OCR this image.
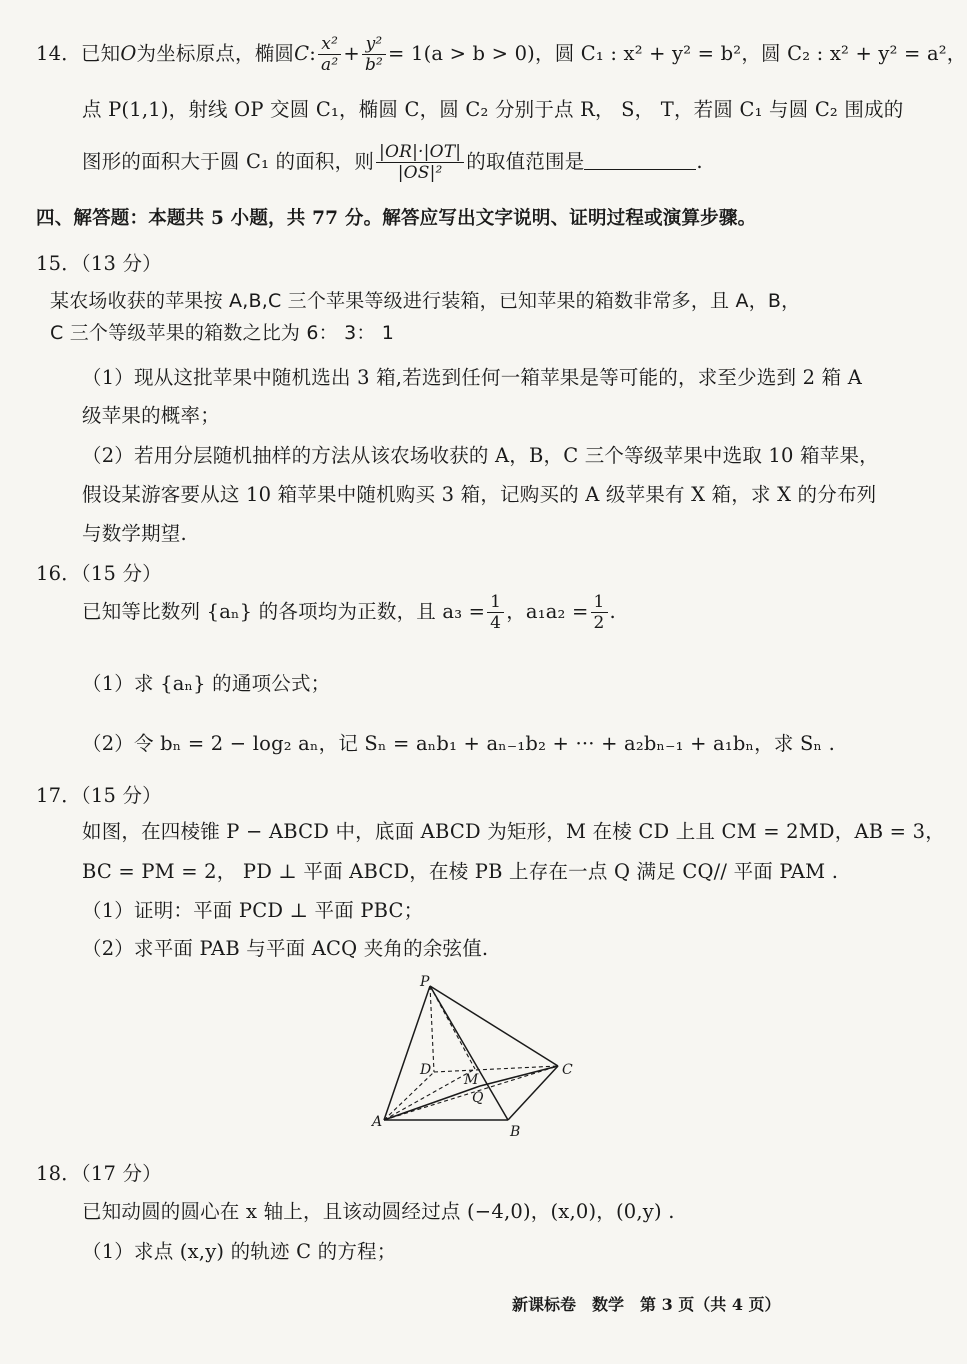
14．已知O为坐标原点，椭圆C: $\frac{\text{x²}}{\text{a²}} + \frac{\text{y²}}{\text{b²}} = 1(a > b > 0)$，圆 C₁ : x² + y² = b²，圆 C₂ : x² + y² = a²，
点 P(1,1)，射线 OP 交圆 C₁，椭圆 C，圆 C₂ 分别于点 R， S， T，若圆 C₁ 与圆 C₂ 围成的
图形的面积大于圆 C₁ 的面积，则 $\frac{|OR|\cdot|OT|}{\text{|OS|²}}$ 的取值范围是	.
四、解答题：本题共 5 小题，共 77 分。解答应写出文字说明、证明过程或演算步骤。
15．（13 分）
某农场收获的苹果按 A,B,C 三个苹果等级进行装箱，已知苹果的箱数非常多，且 A，B，
C 三个等级苹果的箱数之比为 6： 3： 1
（1）现从这批苹果中随机选出 3 箱,若选到任何一箱苹果是等可能的，求至少选到 2 箱 A
级苹果的概率；
（2）若用分层随机抽样的方法从该农场收获的 A，B，C 三个等级苹果中选取 10 箱苹果，
假设某游客要从这 10 箱苹果中随机购买 3 箱，记购买的 A 级苹果有 X 箱，求 X 的分布列
与数学期望.
16．（15 分）
已知等比数列 {aₙ} 的各项均为正数，且 $a_3 = \frac{1}{4}$ ，$a_1a_2 = \frac{1}{2}$ .
（1）求 {aₙ} 的通项公式；
（2）令 bₙ = 2 − log₂ aₙ，记 Sₙ = aₙb₁ + aₙ₋₁b₂ + ··· + a₂bₙ₋₁ + a₁bₙ，求 Sₙ .
17．（15 分）
如图，在四棱锥 P − ABCD 中，底面 ABCD 为矩形，M 在棱 CD 上且 CM = 2MD，AB = 3，
BC = PM = 2， PD ⊥ 平面 ABCD，在棱 PB 上存在一点 Q 满足 CQ// 平面 PAM .
（1）证明：平面 PCD ⊥ 平面 PBC；
（2）求平面 PAB 与平面 ACQ 夹角的余弦值.
P
D
M
Q
C
A
B
18．（17 分）
已知动圆的圆心在 x 轴上，且该动圆经过点 (−4,0)，(x,0)，(0,y) .
（1）求点 (x,y) 的轨迹 C 的方程；
新课标卷　数学　第 3 页（共 4 页）
